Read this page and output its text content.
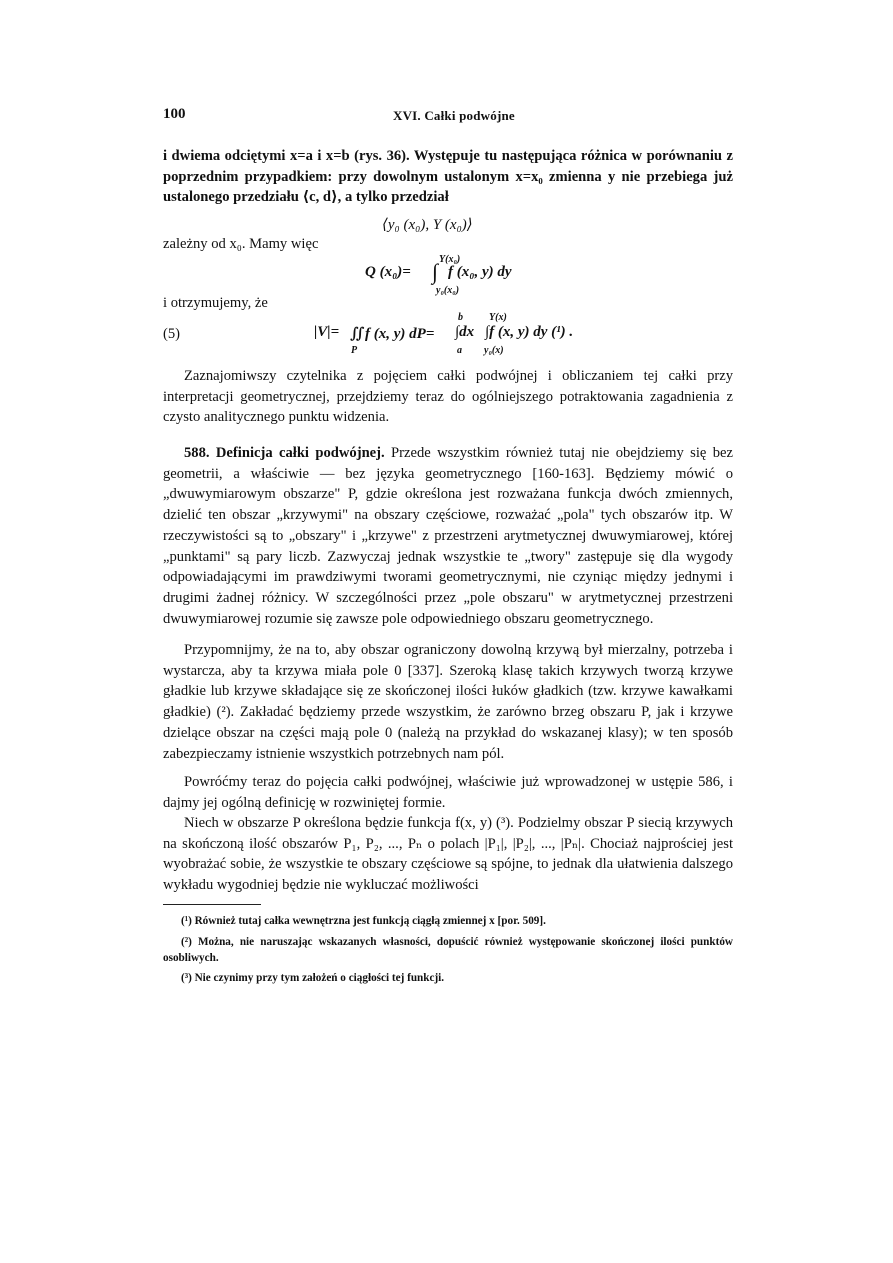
100	XVI. Całki podwójne
i dwiema odciętymi x=a i x=b (rys. 36). Występuje tu następująca różnica w porównaniu z poprzednim przypadkiem: przy dowolnym ustalonym x=x₀ zmienna y nie przebiega już ustalonego przedziału ⟨c, d⟩, a tylko przedział
⟨y₀ (x₀), Y (x₀)⟩
zależny od x₀. Mamy więc
Y(x₀)
Q (x₀)= ∫ f (x₀, y) dy
y₀(x₀)
i otrzymujemy, że
(5)
b	Y(x)
|V|= ∬f (x, y) dP= ∫dx ∫f (x, y) dy (¹) .
P	a y₀(x)
Zaznajomiwszy czytelnika z pojęciem całki podwójnej i obliczaniem tej całki przy interpretacji geometrycznej, przejdziemy teraz do ogólniejszego potraktowania zagadnienia z czysto analitycznego punktu widzenia.
588. Definicja całki podwójnej. Przede wszystkim również tutaj nie obejdziemy się bez geometrii, a właściwie — bez języka geometrycznego [160-163]. Będziemy mówić o „dwuwymiarowym obszarze" P, gdzie określona jest rozważana funkcja dwóch zmiennych, dzielić ten obszar „krzywymi" na obszary częściowe, rozważać „pola" tych obszarów itp. W rzeczywistości są to „obszary" i „krzywe" z przestrzeni arytmetycznej dwuwymiarowej, której „punktami" są pary liczb. Zazwyczaj jednak wszystkie te „twory" zastępuje się dla wygody odpowiadającymi im prawdziwymi tworami geometrycznymi, nie czyniąc między jednymi i drugimi żadnej różnicy. W szczególności przez „pole obszaru" w arytmetycznej przestrzeni dwuwymiarowej rozumie się zawsze pole odpowiedniego obszaru geometrycznego.
Przypomnijmy, że na to, aby obszar ograniczony dowolną krzywą był mierzalny, potrzeba i wystarcza, aby ta krzywa miała pole 0 [337]. Szeroką klasę takich krzywych tworzą krzywe gładkie lub krzywe składające się ze skończonej ilości łuków gładkich (tzw. krzywe kawałkami gładkie) (²). Zakładać będziemy przede wszystkim, że zarówno brzeg obszaru P, jak i krzywe dzielące obszar na części mają pole 0 (należą na przykład do wskazanej klasy); w ten sposób zabezpieczamy istnienie wszystkich potrzebnych nam pól.
Powróćmy teraz do pojęcia całki podwójnej, właściwie już wprowadzonej w ustępie 586, i dajmy jej ogólną definicję w rozwiniętej formie.
Niech w obszarze P określona będzie funkcja f(x, y) (³). Podzielmy obszar P siecią krzywych na skończoną ilość obszarów P₁, P₂, ..., Pₙ o polach |P₁|, |P₂|, ..., |Pₙ|. Chociaż najprościej jest wyobrażać sobie, że wszystkie te obszary częściowe są spójne, to jednak dla ułatwienia dalszego wykładu wygodniej będzie nie wykluczać możliwości
(¹) Również tutaj całka wewnętrzna jest funkcją ciągłą zmiennej x [por. 509].
(²) Można, nie naruszając wskazanych własności, dopuścić również występowanie skończonej ilości punktów osobliwych.
(³) Nie czynimy przy tym założeń o ciągłości tej funkcji.
